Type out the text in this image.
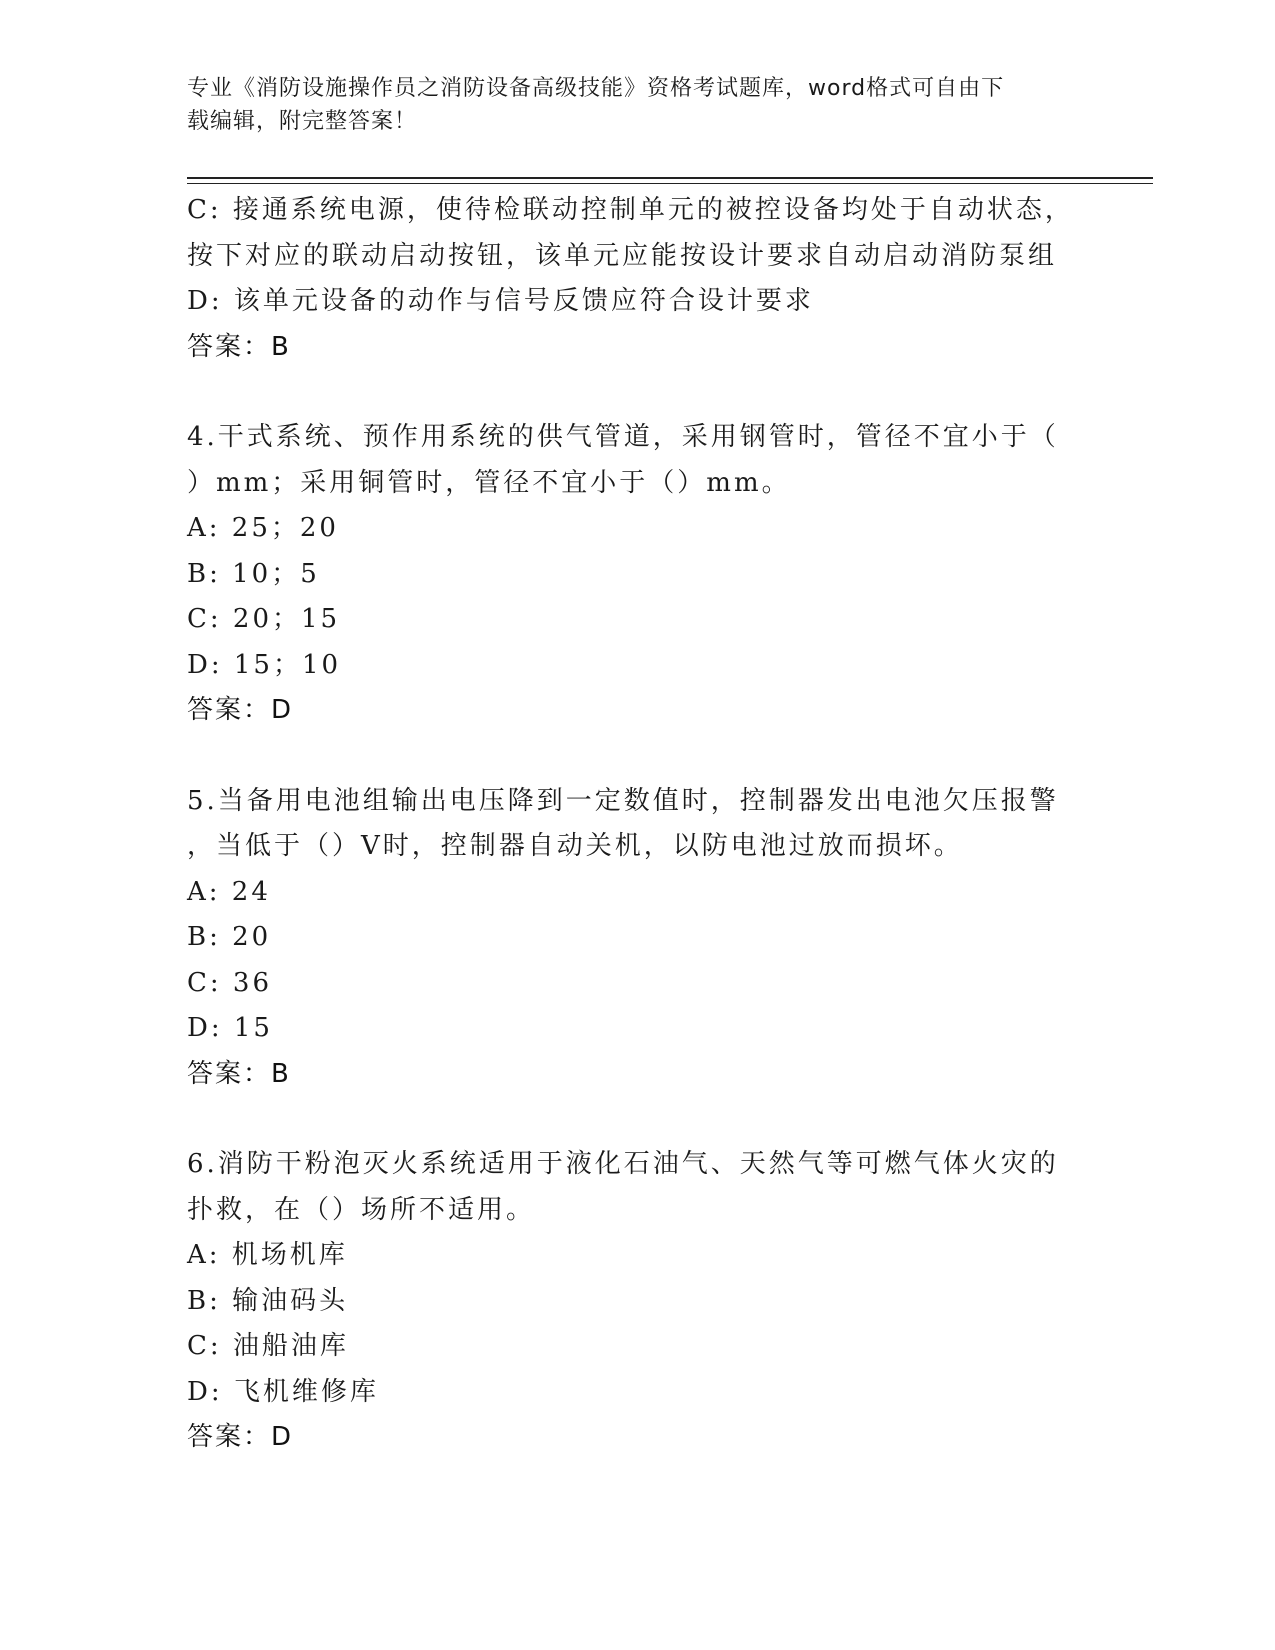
专业《消防设施操作员之消防设备高级技能》资格考试题库，word格式可自由下
载编辑，附完整答案！
C: 接通系统电源，使待检联动控制单元的被控设备均处于自动状态，
按下对应的联动启动按钮，该单元应能按设计要求自动启动消防泵组
D: 该单元设备的动作与信号反馈应符合设计要求
答案：B
4.干式系统、预作用系统的供气管道，采用钢管时，管径不宜小于（
）mm；采用铜管时，管径不宜小于（）mm。
A: 25；20
B: 10；5
C: 20；15
D: 15；10
答案：D
5.当备用电池组输出电压降到一定数值时，控制器发出电池欠压报警
，当低于（）V时，控制器自动关机，以防电池过放而损坏。
A: 24
B: 20
C: 36
D: 15
答案：B
6.消防干粉泡灭火系统适用于液化石油气、天然气等可燃气体火灾的
扑救，在（）场所不适用。
A: 机场机库
B: 输油码头
C: 油船油库
D: 飞机维修库
答案：D
